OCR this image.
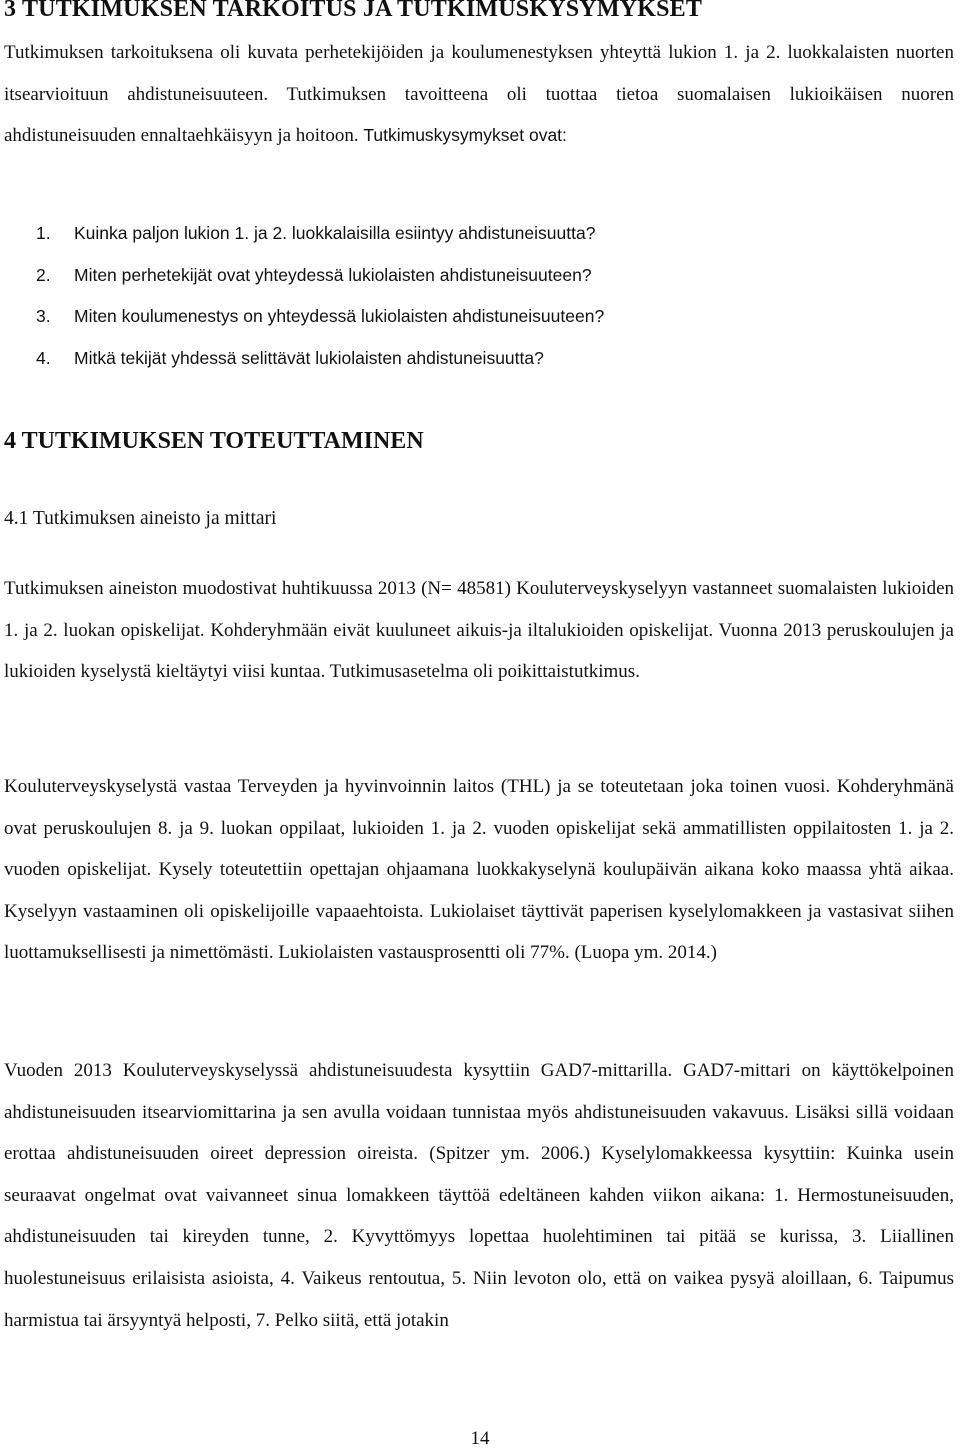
3 TUTKIMUKSEN TARKOITUS JA TUTKIMUSKYSYMYKSET

Tutkimuksen tarkoituksena oli kuvata perhetekijöiden ja koulumenestyksen yhteyttä lukion 1. ja 2. luokkalaisten nuorten itsearvioituun ahdistuneisuuteen. Tutkimuksen tavoitteena oli tuottaa tietoa suomalaisen lukioikäisen nuoren ahdistuneisuuden ennaltaehkäisyyn ja hoitoon. Tutkimuskysymykset ovat:

1.	Kuinka paljon lukion 1. ja 2. luokkalaisilla esiintyy ahdistuneisuutta?
2.	Miten perhetekijät ovat yhteydessä lukiolaisten ahdistuneisuuteen?
3.	Miten koulumenestys on yhteydessä lukiolaisten ahdistuneisuuteen?
4.	Mitkä tekijät yhdessä selittävät lukiolaisten ahdistuneisuutta?
4 TUTKIMUKSEN TOTEUTTAMINEN
4.1 Tutkimuksen aineisto ja mittari

Tutkimuksen aineiston muodostivat huhtikuussa 2013 (N= 48581) Kouluterveyskyselyyn vastanneet suomalaisten lukioiden 1. ja 2. luokan opiskelijat. Kohderyhmään eivät kuuluneet aikuis-ja iltalukioiden opiskelijat. Vuonna 2013 peruskoulujen ja lukioiden kyselystä kieltäytyi viisi kuntaa. Tutkimusasetelma oli poikittaistutkimus.

Kouluterveyskyselystä vastaa Terveyden ja hyvinvoinnin laitos (THL) ja se toteutetaan joka toinen vuosi. Kohderyhmänä ovat peruskoulujen 8. ja 9. luokan oppilaat, lukioiden 1. ja 2. vuoden opiskelijat sekä ammatillisten oppilaitosten 1. ja 2. vuoden opiskelijat. Kysely toteutettiin opettajan ohjaamana luokkakyselynä koulupäivän aikana koko maassa yhtä aikaa. Kyselyyn vastaaminen oli opiskelijoille vapaaehtoista. Lukiolaiset täyttivät paperisen kyselylomakkeen ja vastasivat siihen luottamuksellisesti ja nimettömästi. Lukiolaisten vastausprosentti oli 77%. (Luopa ym. 2014.)

Vuoden 2013 Kouluterveyskyselyssä ahdistuneisuudesta kysyttiin GAD7-mittarilla. GAD7-mittari on käyttökelpoinen ahdistuneisuuden itsearviomittarina ja sen avulla voidaan tunnistaa myös ahdistuneisuuden vakavuus. Lisäksi sillä voidaan erottaa ahdistuneisuuden oireet depression oireista. (Spitzer ym. 2006.) Kyselylomakkeessa kysyttiin: Kuinka usein seuraavat ongelmat ovat vaivanneet sinua lomakkeen täyttöä edeltäneen kahden viikon aikana: 1. Hermostuneisuuden, ahdistuneisuuden tai kireyden tunne, 2. Kyvyttömyys lopettaa huolehtiminen tai pitää se kurissa, 3. Liiallinen huolestuneisuus erilaisista asioista, 4. Vaikeus rentoutua, 5. Niin levoton olo, että on vaikea pysyä aloillaan, 6. Taipumus harmistua tai ärsyyntyä helposti, 7. Pelko siitä, että jotakin

14
